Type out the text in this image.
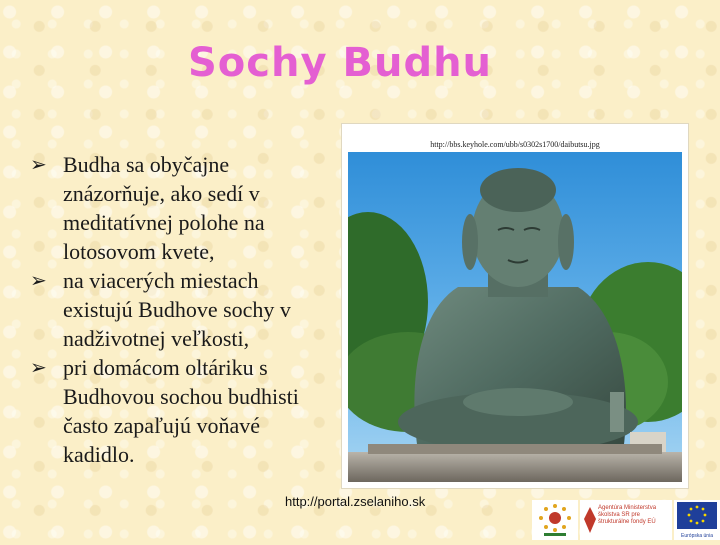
Sochy Budhu
http://bbs.keyhole.com/ubb/s0302s1700/daibutsu.jpg
➢ Budha sa obyčajne
znázorňuje, ako sedí v
meditatívnej polohe na
lotosovom kvete,
➢ na viacerých miestach
existujú Budhove sochy v
nadživotnej veľkosti,
➢ pri domácom oltáriku s
Budhovou sochou budhisti
často zapaľujú voňavé
kadidlo.
http://portal.zselaniho.sk	Agentúra Ministerstva školstva SR pre štrukturálne fondy EÚ
Európska únia
